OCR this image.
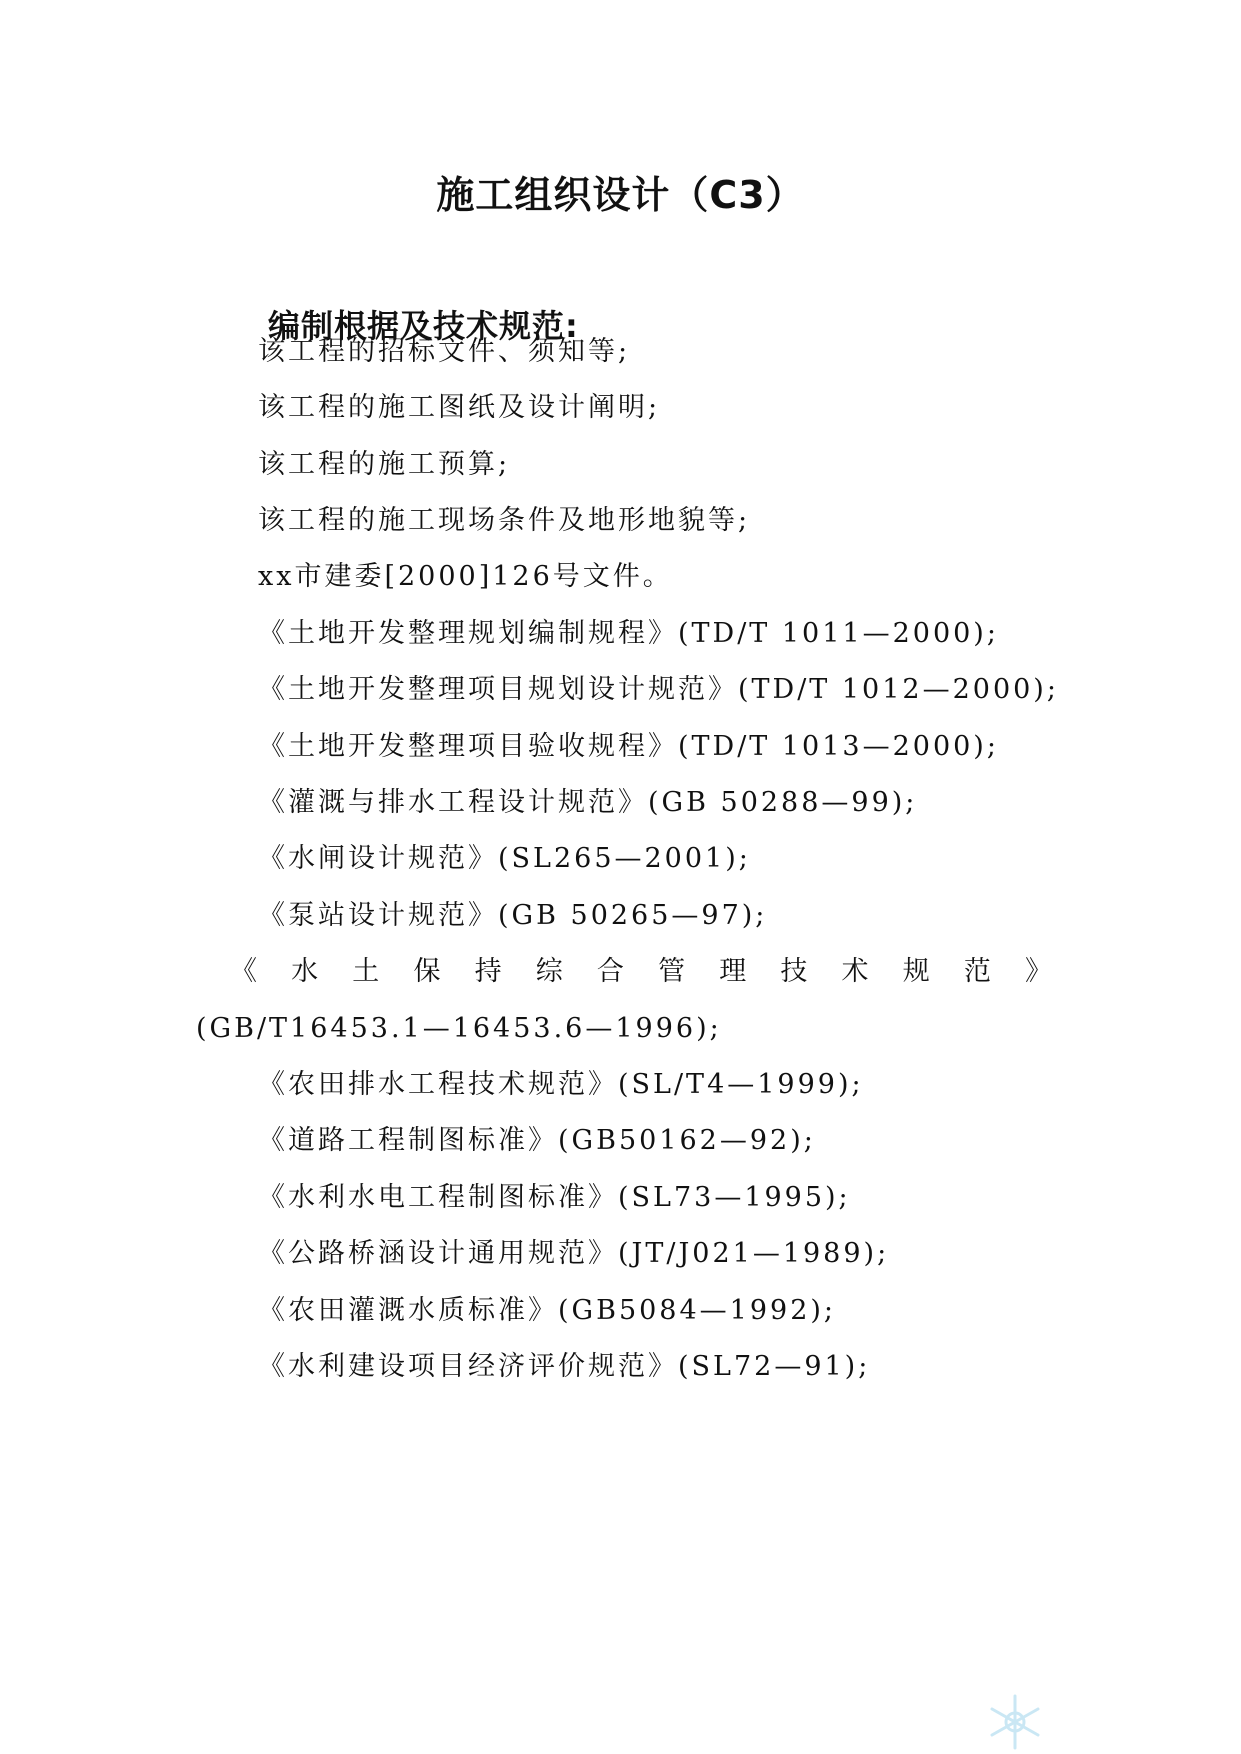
施工组织设计（C3）
编制根据及技术规范:
该工程的招标文件、须知等;
该工程的施工图纸及设计阐明;
该工程的施工预算;
该工程的施工现场条件及地形地貌等;
xx市建委[2000]126号文件。
《土地开发整理规划编制规程》(TD/T 1011—2000);
《土地开发整理项目规划设计规范》(TD/T 1012—2000);
《土地开发整理项目验收规程》(TD/T 1013—2000);
《灌溉与排水工程设计规范》(GB 50288—99);
《水闸设计规范》(SL265—2001);
《泵站设计规范》(GB 50265—97);
《水土保持综合管理技术规范》
(GB/T16453.1—16453.6—1996);
《农田排水工程技术规范》(SL/T4—1999);
《道路工程制图标准》(GB50162—92);
《水利水电工程制图标准》(SL73—1995);
《公路桥涵设计通用规范》(JT/J021—1989);
《农田灌溉水质标准》(GB5084—1992);
《水利建设项目经济评价规范》(SL72—91);
